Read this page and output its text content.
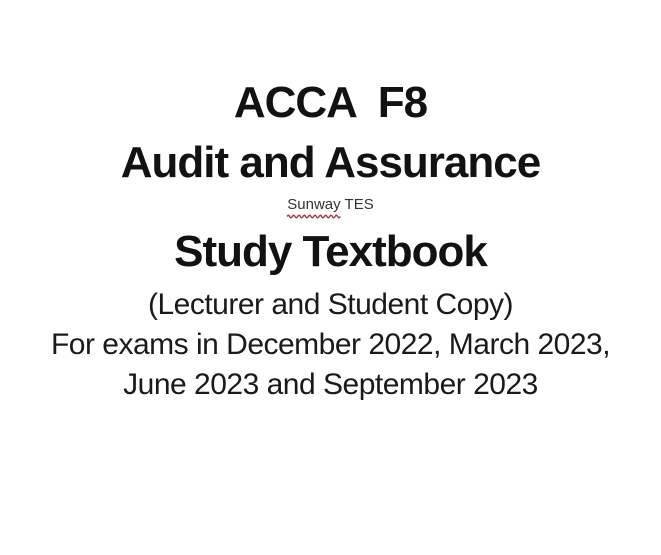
ACCA  F8
Audit and Assurance
Sunway TES
Study Textbook
(Lecturer and Student Copy)
For exams in December 2022, March 2023,
June 2023 and September 2023
